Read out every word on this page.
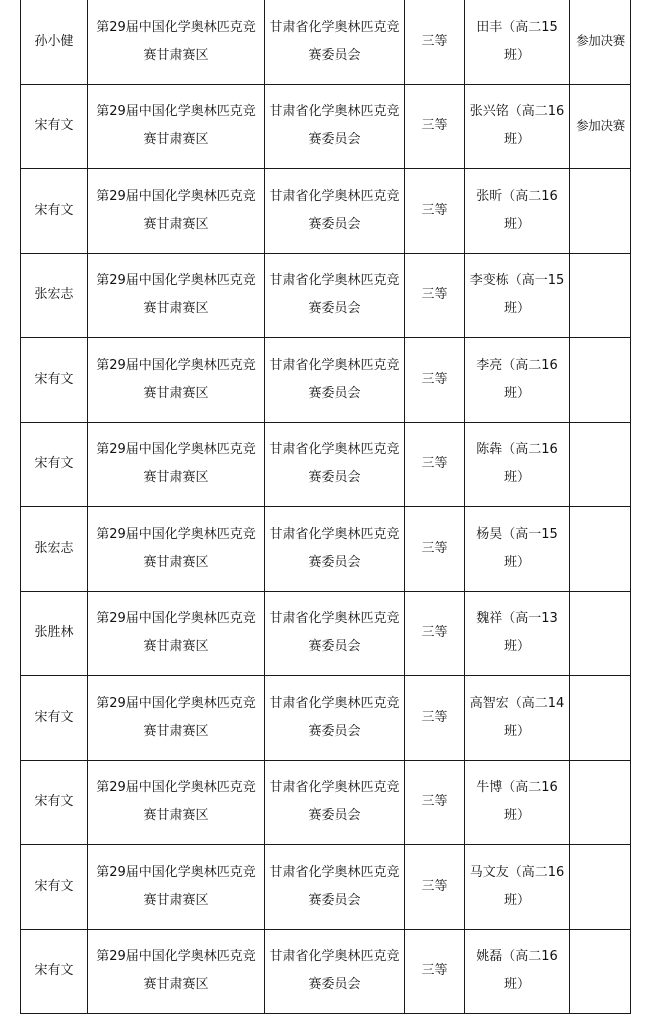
孙小健	第29届中国化学奥林匹克竞赛甘肃赛区	甘肃省化学奥林匹克竞赛委员会	三等	田丰（高二15班）	参加决赛
宋有文	第29届中国化学奥林匹克竞赛甘肃赛区	甘肃省化学奥林匹克竞赛委员会	三等	张兴铭（高二16班）	参加决赛
宋有文	第29届中国化学奥林匹克竞赛甘肃赛区	甘肃省化学奥林匹克竞赛委员会	三等	张昕（高二16班）	
张宏志	第29届中国化学奥林匹克竞赛甘肃赛区	甘肃省化学奥林匹克竞赛委员会	三等	李变栋（高一15班）	
宋有文	第29届中国化学奥林匹克竞赛甘肃赛区	甘肃省化学奥林匹克竞赛委员会	三等	李亮（高二16班）	
宋有文	第29届中国化学奥林匹克竞赛甘肃赛区	甘肃省化学奥林匹克竞赛委员会	三等	陈犇（高二16班）	
张宏志	第29届中国化学奥林匹克竞赛甘肃赛区	甘肃省化学奥林匹克竞赛委员会	三等	杨昊（高一15班）	
张胜林	第29届中国化学奥林匹克竞赛甘肃赛区	甘肃省化学奥林匹克竞赛委员会	三等	魏祥（高一13班）	
宋有文	第29届中国化学奥林匹克竞赛甘肃赛区	甘肃省化学奥林匹克竞赛委员会	三等	高智宏（高二14班）	
宋有文	第29届中国化学奥林匹克竞赛甘肃赛区	甘肃省化学奥林匹克竞赛委员会	三等	牛博（高二16班）	
宋有文	第29届中国化学奥林匹克竞赛甘肃赛区	甘肃省化学奥林匹克竞赛委员会	三等	马文友（高二16班）	
宋有文	第29届中国化学奥林匹克竞赛甘肃赛区	甘肃省化学奥林匹克竞赛委员会	三等	姚磊（高二16班）	
